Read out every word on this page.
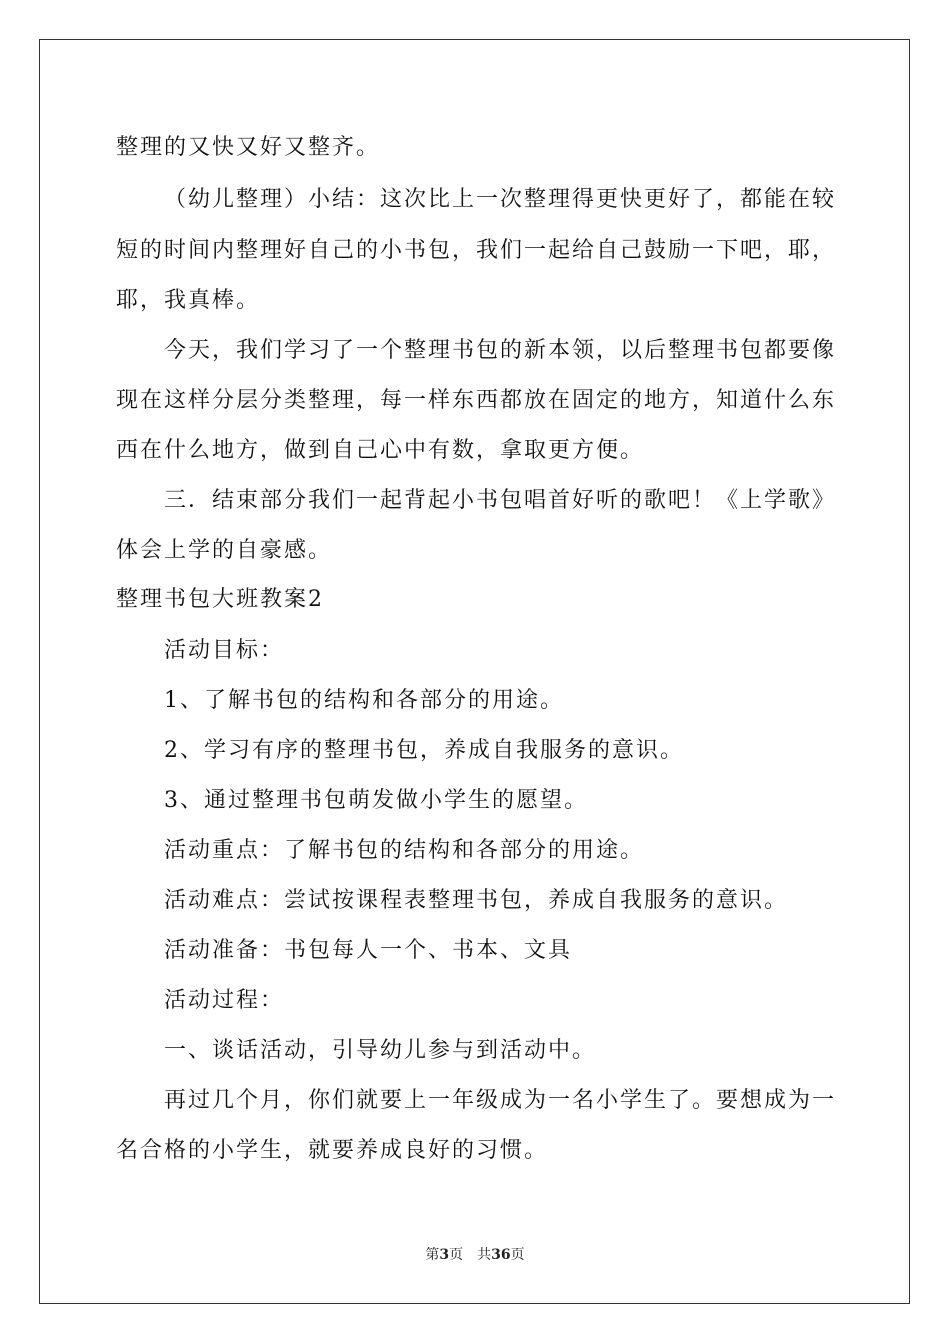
整理的又快又好又整齐。
（幼儿整理）小结：这次比上一次整理得更快更好了，都能在较
短的时间内整理好自己的小书包，我们一起给自己鼓励一下吧，耶，
耶，我真棒。
今天，我们学习了一个整理书包的新本领，以后整理书包都要像
现在这样分层分类整理，每一样东西都放在固定的地方，知道什么东
西在什么地方，做到自己心中有数，拿取更方便。
三．结束部分我们一起背起小书包唱首好听的歌吧！《上学歌》
体会上学的自豪感。
整理书包大班教案2
活动目标：
1、了解书包的结构和各部分的用途。
2、学习有序的整理书包，养成自我服务的意识。
3、通过整理书包萌发做小学生的愿望。
活动重点：了解书包的结构和各部分的用途。
活动难点：尝试按课程表整理书包，养成自我服务的意识。
活动准备：书包每人一个、书本、文具
活动过程：
一、谈话活动，引导幼儿参与到活动中。
再过几个月，你们就要上一年级成为一名小学生了。要想成为一
名合格的小学生，就要养成良好的习惯。
第3页　共36页
